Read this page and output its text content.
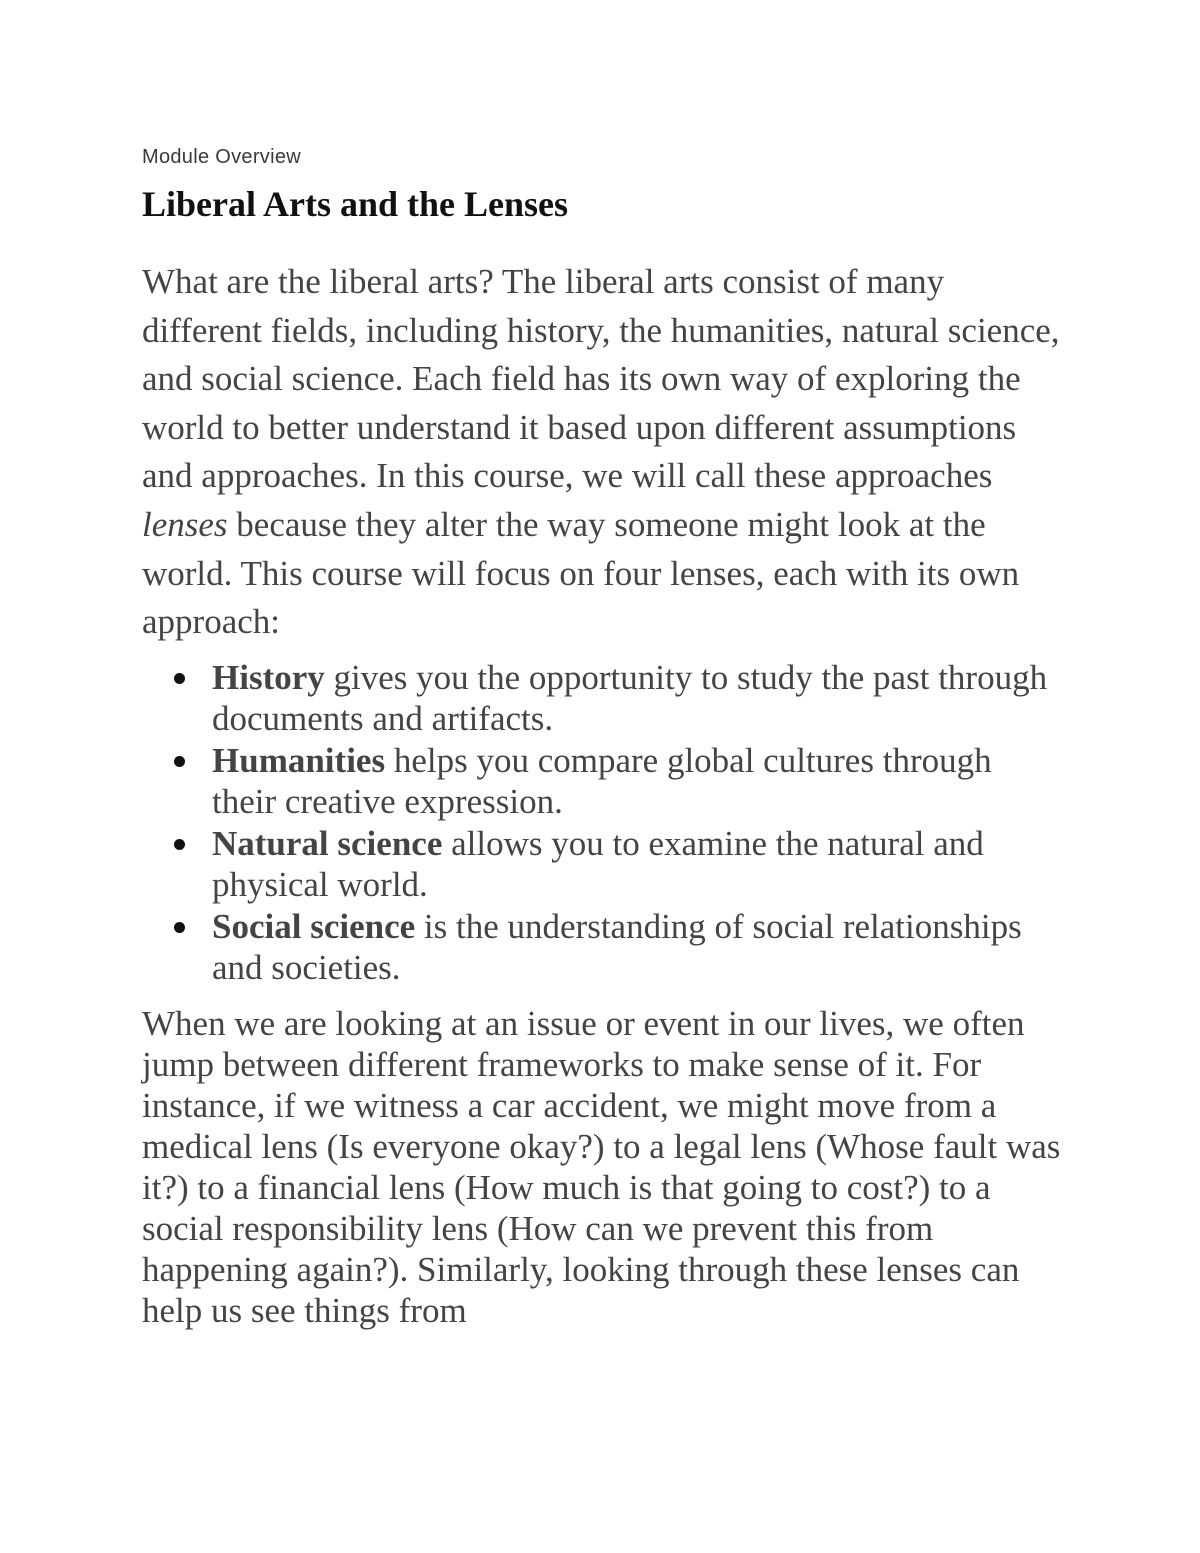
Module Overview

Liberal Arts and the Lenses

What are the liberal arts? The liberal arts consist of many different fields, including history, the humanities, natural science, and social science. Each field has its own way of exploring the world to better understand it based upon different assumptions and approaches. In this course, we will call these approaches lenses because they alter the way someone might look at the world. This course will focus on four lenses, each with its own approach:

History gives you the opportunity to study the past through documents and artifacts.
Humanities helps you compare global cultures through their creative expression.
Natural science allows you to examine the natural and physical world.
Social science is the understanding of social relationships and societies.

When we are looking at an issue or event in our lives, we often jump between different frameworks to make sense of it. For instance, if we witness a car accident, we might move from a medical lens (Is everyone okay?) to a legal lens (Whose fault was it?) to a financial lens (How much is that going to cost?) to a social responsibility lens (How can we prevent this from happening again?). Similarly, looking through these lenses can help us see things from
